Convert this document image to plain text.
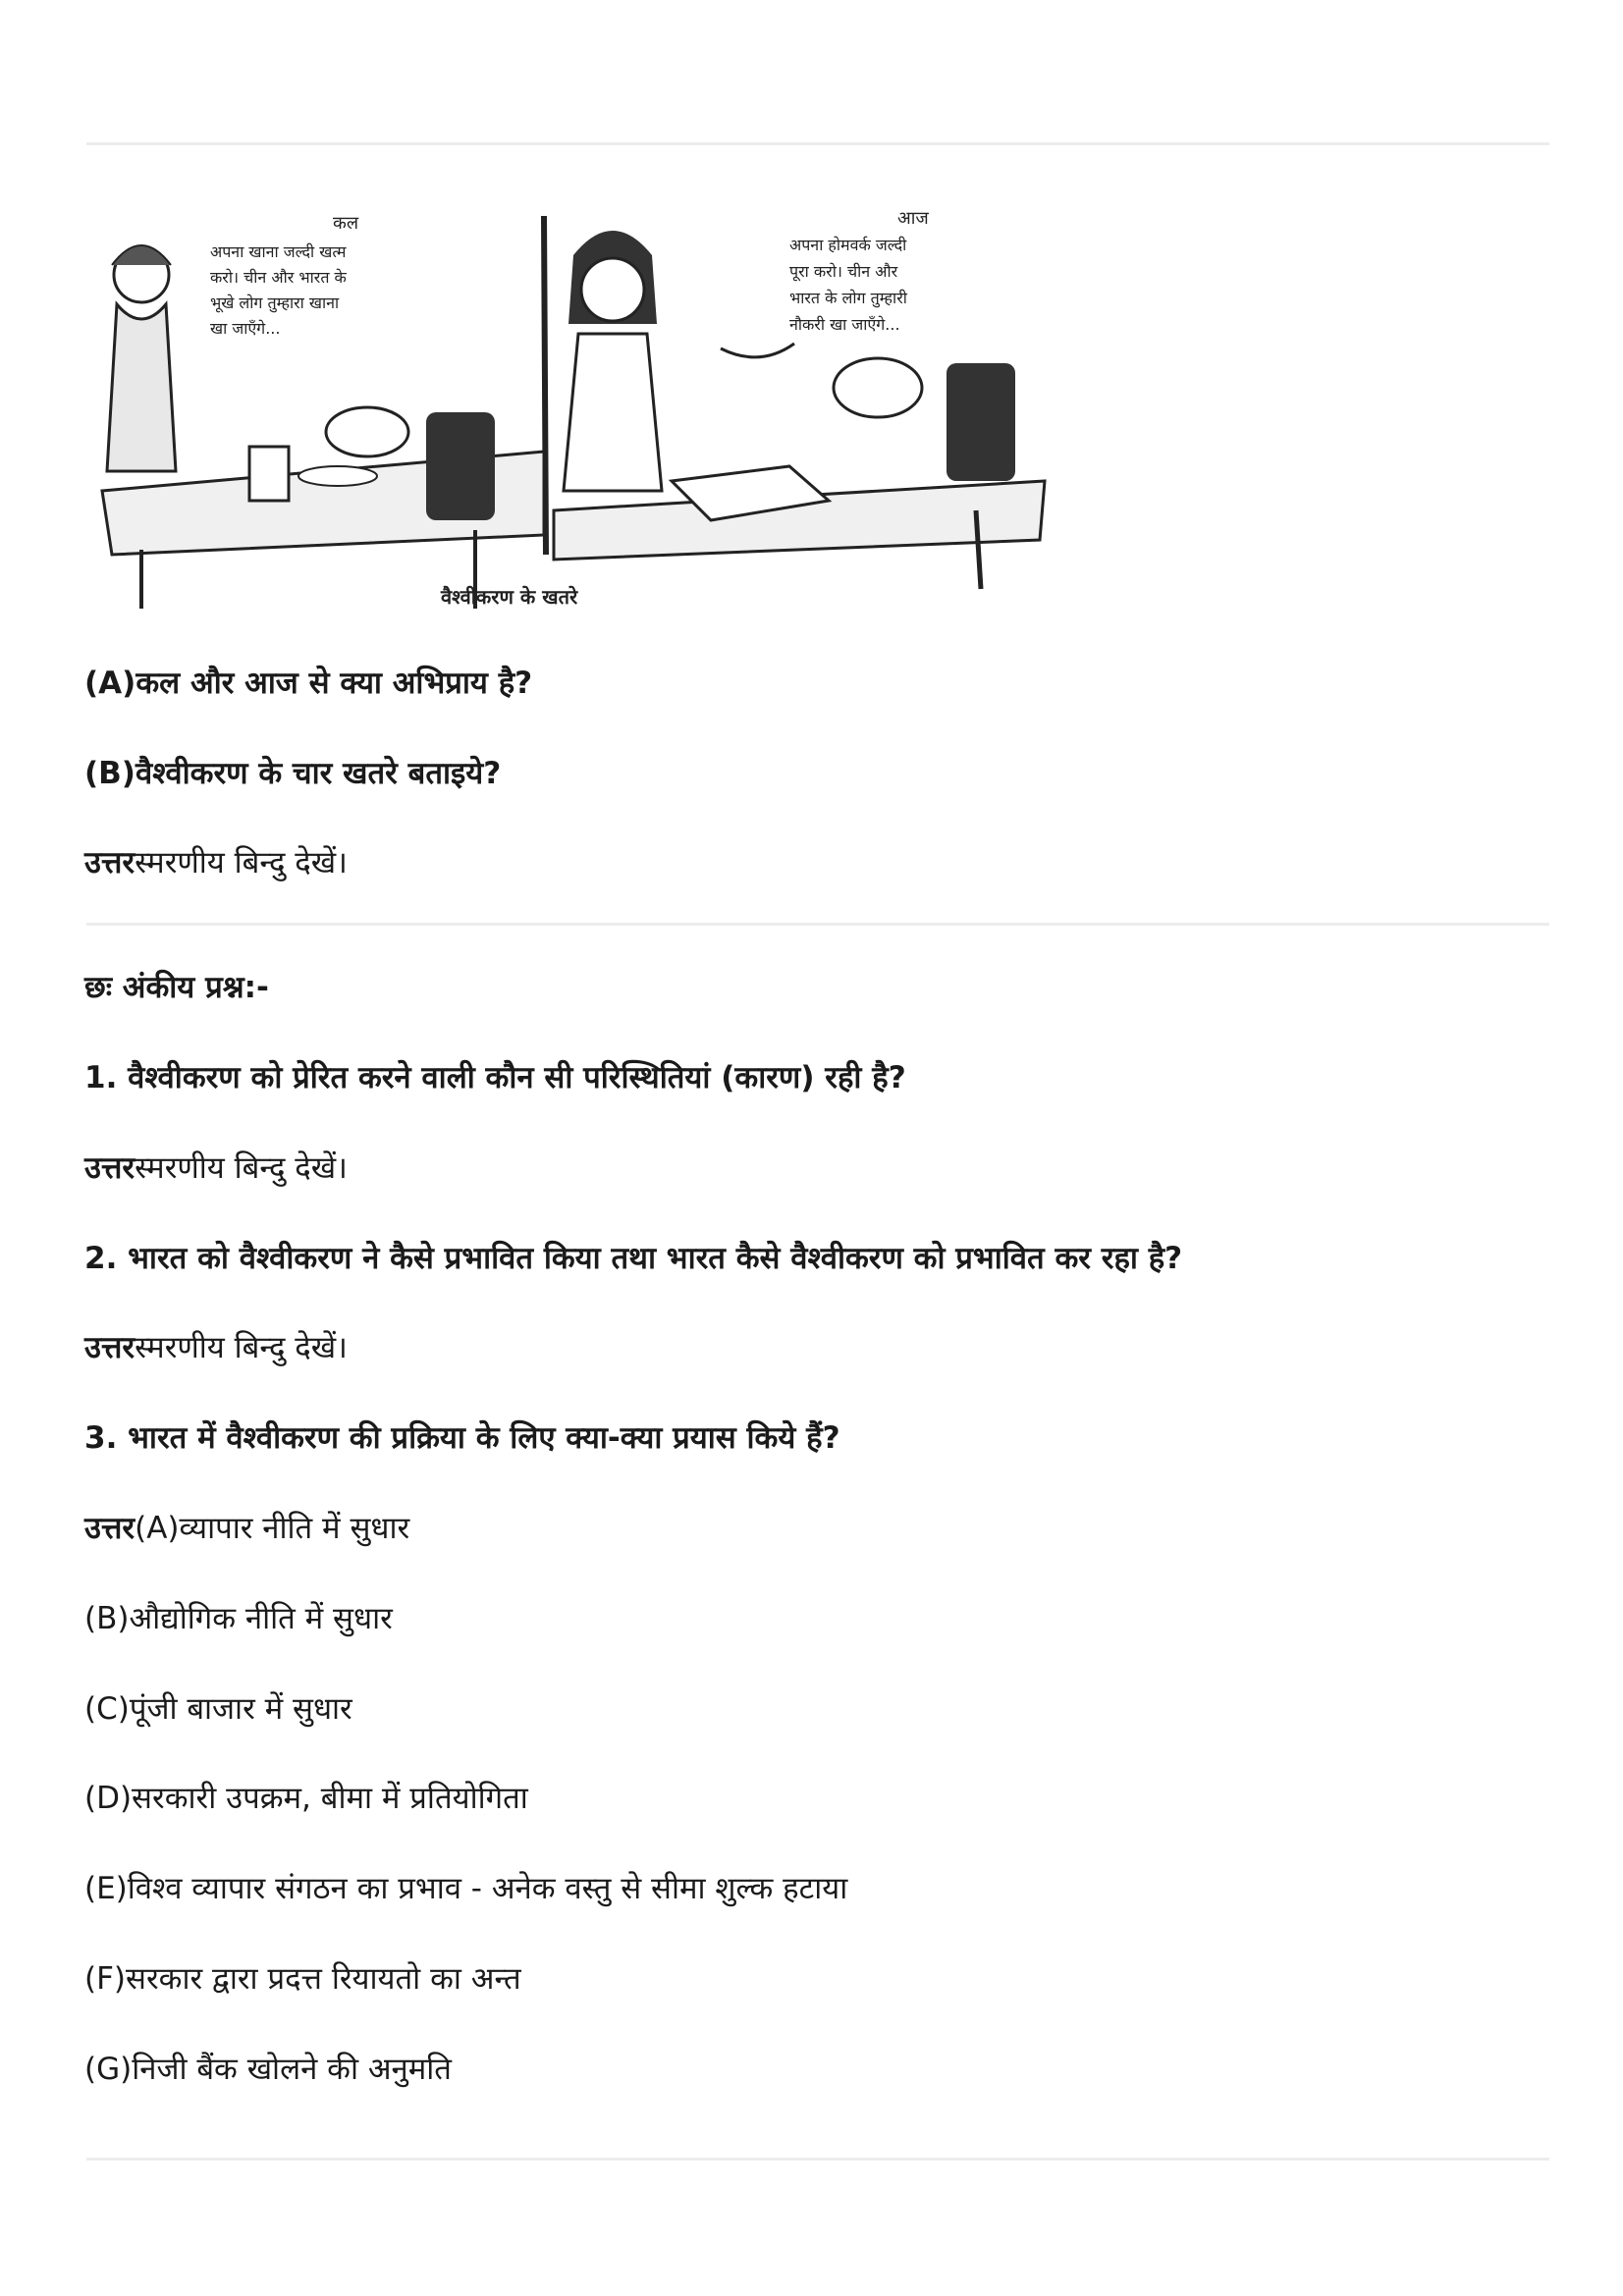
कल
अपना खाना जल्दी खत्म
करो। चीन और भारत के
भूखे लोग तुम्हारा खाना
खा जाएँगे...
आज
अपना होमवर्क जल्दी
पूरा करो। चीन और
भारत के लोग तुम्हारी
नौकरी खा जाएँगे...
वैश्वीकरण के खतरे
(A)कल और आज से क्या अभिप्राय है?
(B)वैश्वीकरण के चार खतरे बताइये?
उत्तरस्मरणीय बिन्दु देखें।
छः अंकीय प्रश्न:-
1. वैश्वीकरण को प्रेरित करने वाली कौन सी परिस्थितियां (कारण) रही है?
उत्तरस्मरणीय बिन्दु देखें।
2. भारत को वैश्वीकरण ने कैसे प्रभावित किया तथा भारत कैसे वैश्वीकरण को प्रभावित कर रहा है?
उत्तरस्मरणीय बिन्दु देखें।
3. भारत में वैश्वीकरण की प्रक्रिया के लिए क्या-क्या प्रयास किये हैं?
उत्तर(A)व्यापार नीति में सुधार
(B)औद्योगिक नीति में सुधार
(C)पूंजी बाजार में सुधार
(D)सरकारी उपक्रम, बीमा में प्रतियोगिता
(E)विश्व व्यापार संगठन का प्रभाव - अनेक वस्तु से सीमा शुल्क हटाया
(F)सरकार द्वारा प्रदत्त रियायतो का अन्त
(G)निजी बैंक खोलने की अनुमति
